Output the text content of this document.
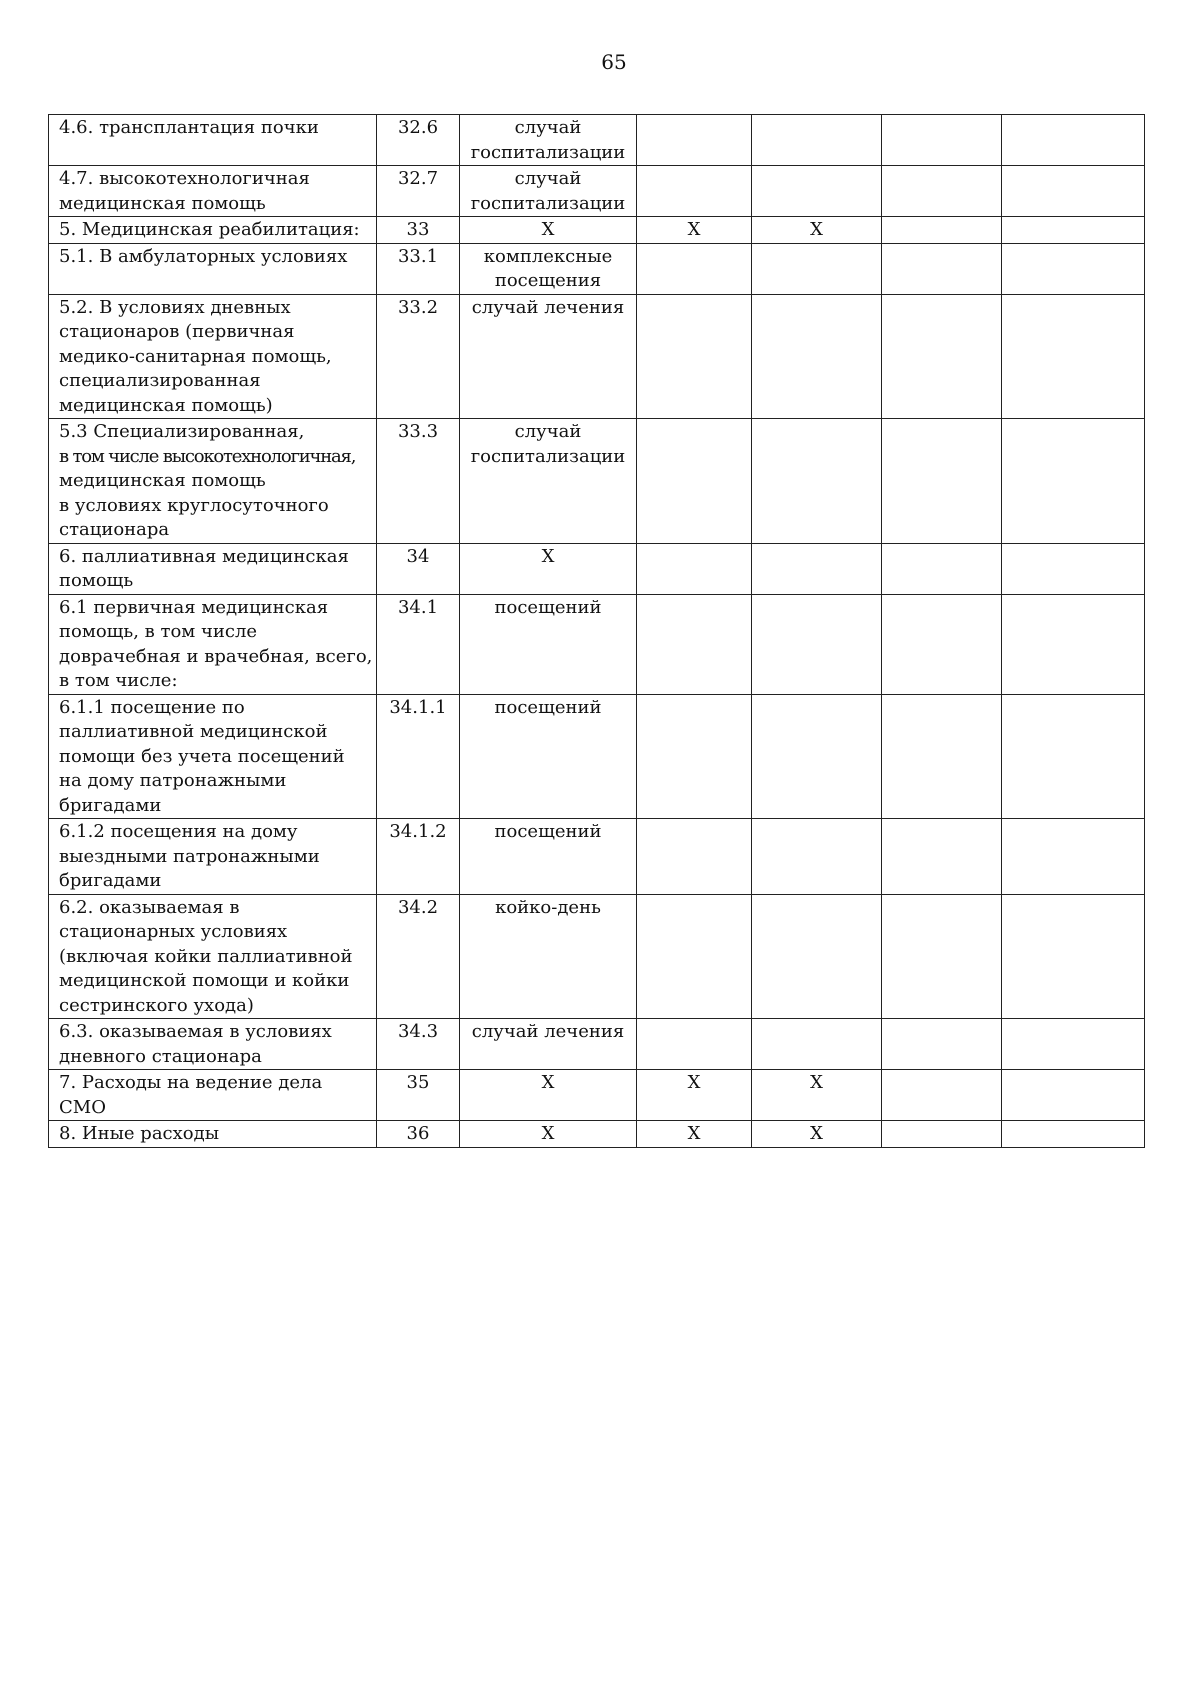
65
4.6. трансплантация почки	32.6	случай госпитализации				
4.7. высокотехнологичная медицинская помощь	32.7	случай госпитализации				
5. Медицинская реабилитация:	33	Х	Х	Х		
5.1. В амбулаторных условиях	33.1	комплексные посещения				
5.2. В условиях дневных стационаров (первичная медико-санитарная помощь, специализированная медицинская помощь)	33.2	случай лечения				

5.3 Специализированная,
в том числе высокотехнологичная,
медицинская помощь
в условиях круглосуточного стационара	33.3	случай госпитализации				
6. паллиативная медицинская помощь	34	Х				
6.1 первичная медицинская помощь, в том числе доврачебная и врачебная, всего, в том числе:	34.1	посещений				
6.1.1 посещение по паллиативной медицинской помощи без учета посещений на дому патронажными бригадами	34.1.1	посещений				
6.1.2 посещения на дому выездными патронажными бригадами	34.1.2	посещений				
6.2. оказываемая в стационарных условиях (включая койки паллиативной медицинской помощи и койки сестринского ухода)	34.2	койко-день				
6.3. оказываемая в условиях дневного стационара	34.3	случай лечения				
7. Расходы на ведение дела СМО	35	Х	Х	Х		
8. Иные расходы	36	Х	Х	Х		
